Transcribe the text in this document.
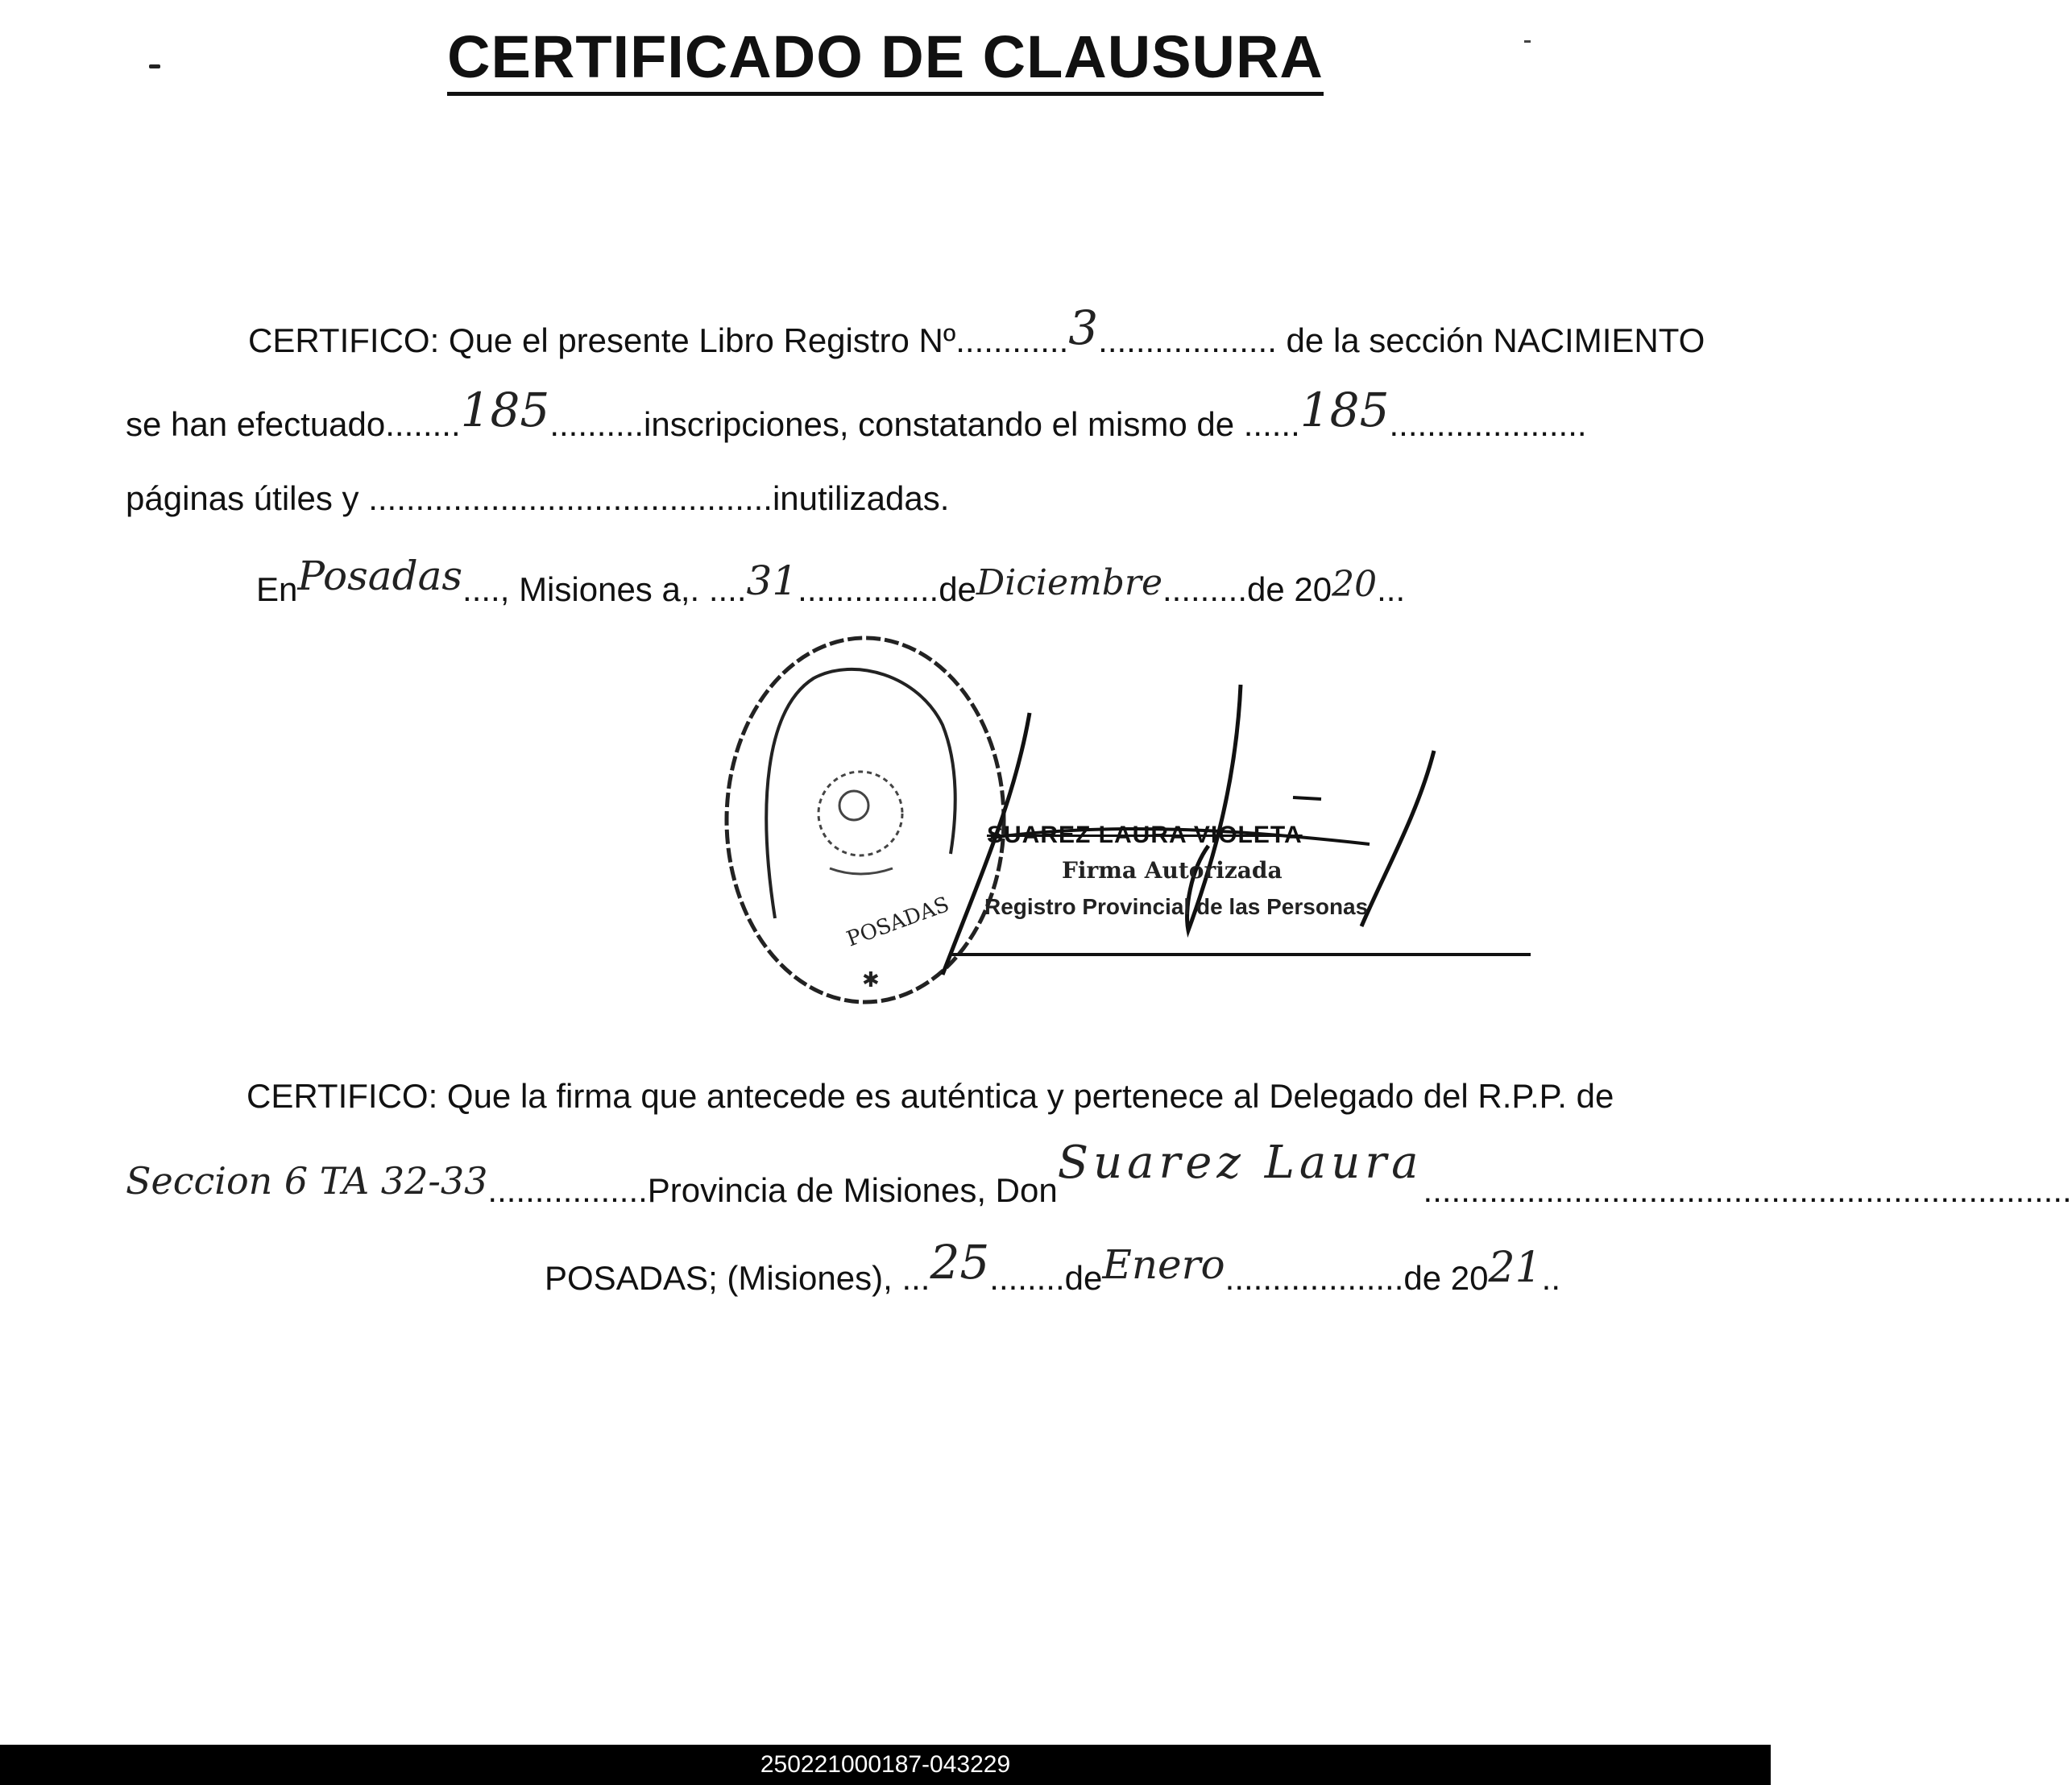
CERTIFICADO DE CLAUSURA
CERTIFICO: Que el presente Libro Registro Nº............3................... de la sección NACIMIENTO
se han efectuado........185..........inscripciones, constatando el mismo de ......185.....................
páginas útiles y ...........................................inutilizadas.
EnPosadas...., Misiones a,. ....31...............deDiciembre.........de 2020...
POSADAS
✱
SUAREZ LAURA VIOLETA
Firma Autorizada
Registro Provincial de las Personas
CERTIFICO: Que la firma que antecede es auténtica y pertenece al Delegado del R.P.P. de
Seccion 6 TA 32-33.................Provincia de Misiones, DonSuarez Laura.....................................................................
POSADAS; (Misiones), ...25........deEnero...................de 2021..
250221000187-043229
